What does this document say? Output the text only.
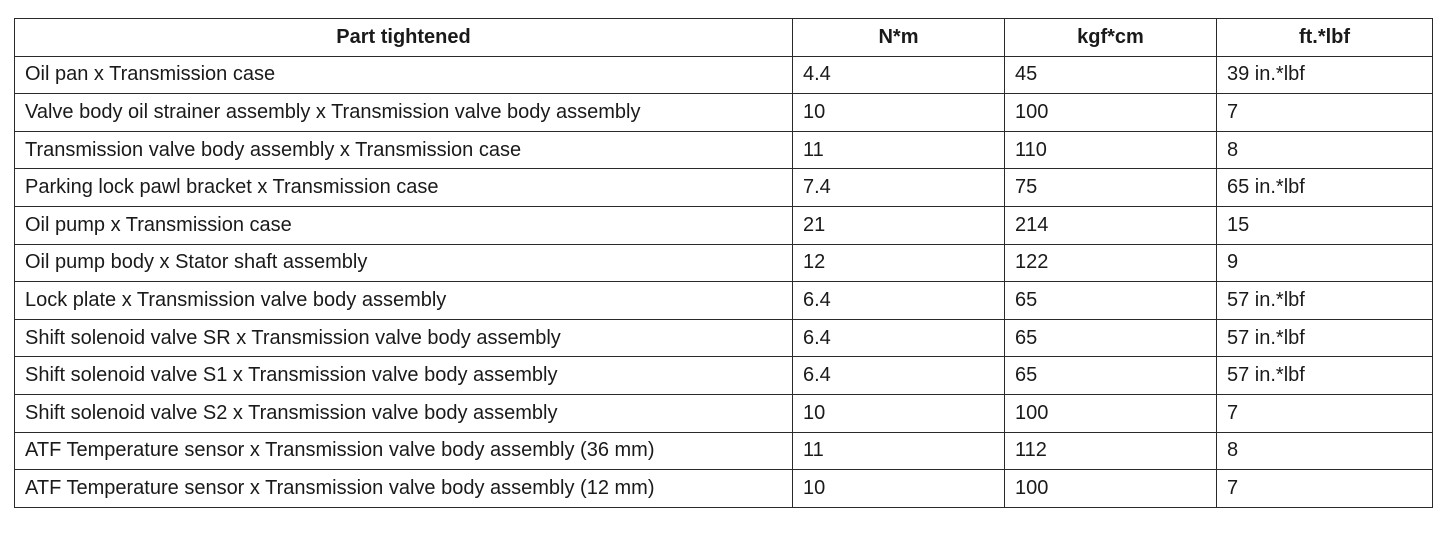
Part tightened	N*m	kgf*cm	ft.*lbf
Oil pan x Transmission case	4.4	45	39 in.*lbf
Valve body oil strainer assembly x Transmission valve body assembly	10	100	7
Transmission valve body assembly x Transmission case	11	110	8
Parking lock pawl bracket x Transmission case	7.4	75	65 in.*lbf
Oil pump x Transmission case	21	214	15
Oil pump body x Stator shaft assembly	12	122	9
Lock plate x Transmission valve body assembly	6.4	65	57 in.*lbf
Shift solenoid valve SR x Transmission valve body assembly	6.4	65	57 in.*lbf
Shift solenoid valve S1 x Transmission valve body assembly	6.4	65	57 in.*lbf
Shift solenoid valve S2 x Transmission valve body assembly	10	100	7
ATF Temperature sensor x Transmission valve body assembly (36 mm)	11	112	8
ATF Temperature sensor x Transmission valve body assembly (12 mm)	10	100	7
